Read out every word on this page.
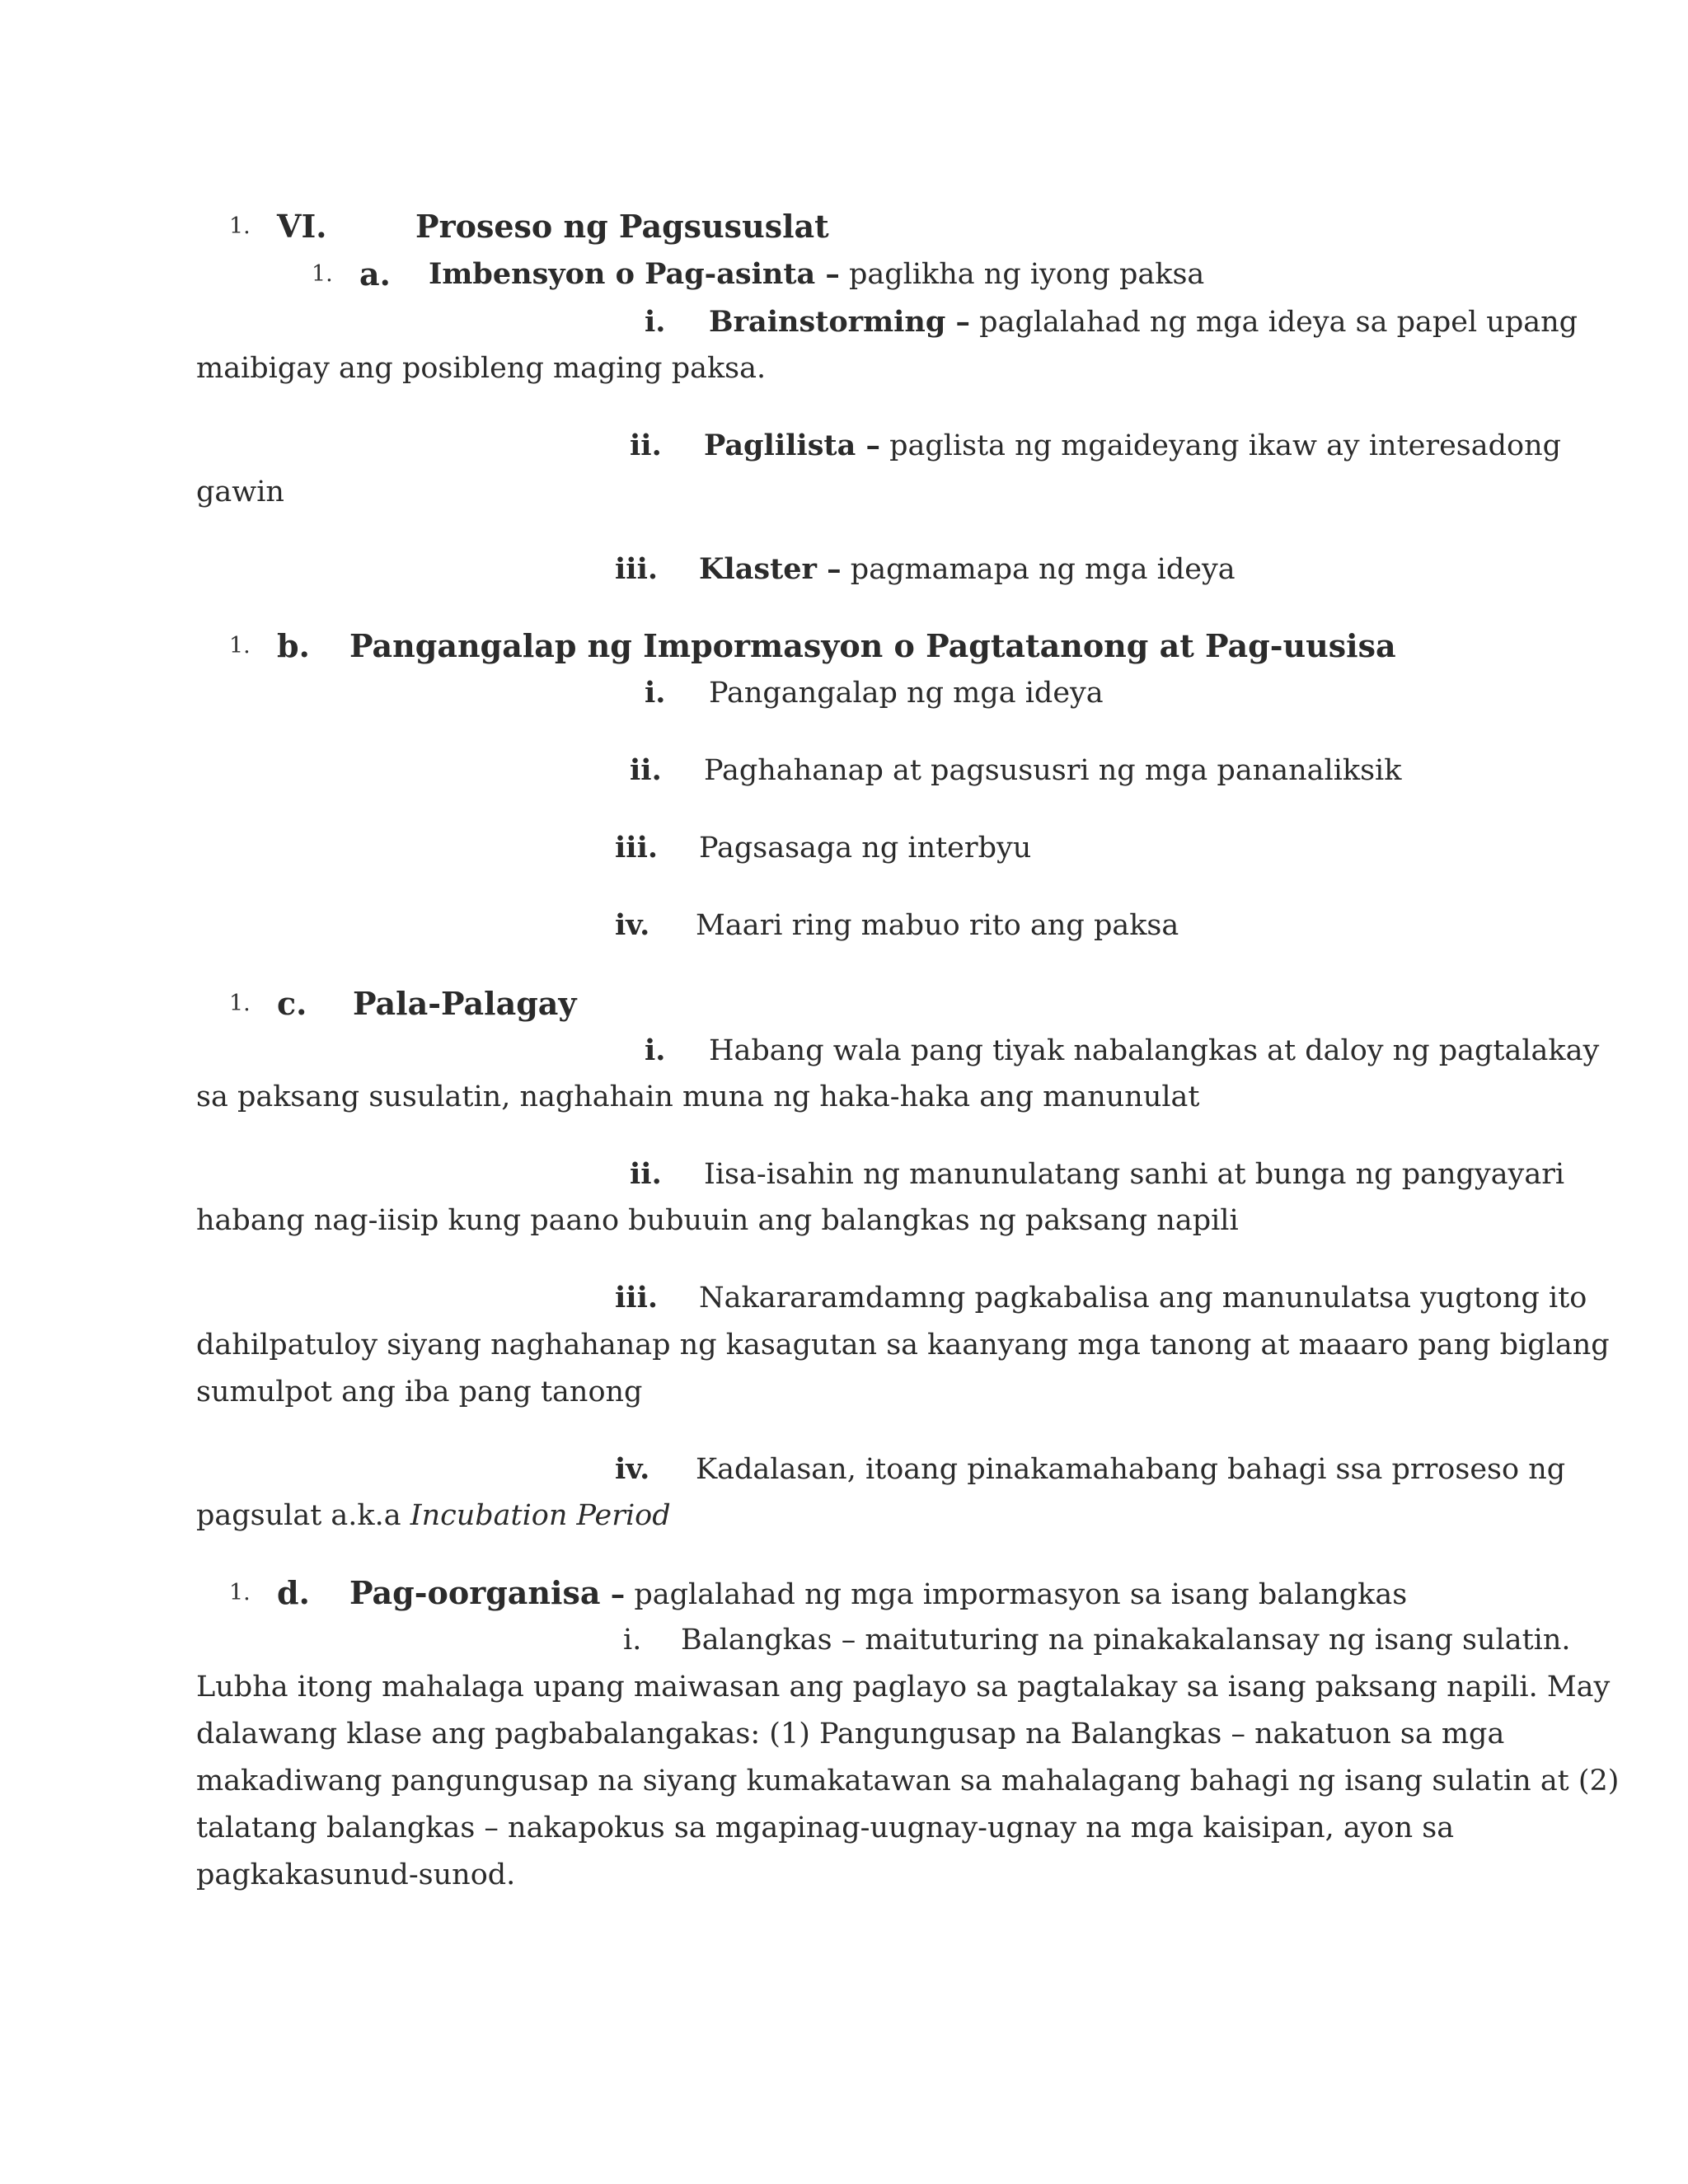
1. VI.	Proseso ng Pagsususlat
1. a. Imbensyon o Pag-asinta – paglikha ng iyong paksa
i. Brainstorming – paglalahad ng mga ideya sa papel upang
maibigay ang posibleng maging paksa.
ii. Paglilista – paglista ng mgaideyang ikaw ay interesadong
gawin
iii. Klaster – pagmamapa ng mga ideya
1. b. Pangangalap ng Impormasyon o Pagtatanong at Pag-uusisa
i. Pangangalap ng mga ideya
ii. Paghahanap at pagsususri ng mga pananaliksik
iii. Pagsasaga ng interbyu
iv. Maari ring mabuo rito ang paksa
1. c. Pala-Palagay
i. Habang wala pang tiyak nabalangkas at daloy ng pagtalakay
sa paksang susulatin, naghahain muna ng haka-haka ang manunulat
ii. Iisa-isahin ng manunulatang sanhi at bunga ng pangyayari
habang nag-iisip kung paano bubuuin ang balangkas ng paksang napili
iii. Nakararamdamng pagkabalisa ang manunulatsa yugtong ito
dahilpatuloy siyang naghahanap ng kasagutan sa kaanyang mga tanong at maaaro pang biglang
sumulpot ang iba pang tanong
iv. Kadalasan, itoang pinakamahabang bahagi ssa prroseso ng
pagsulat a.k.a Incubation Period
1. d. Pag-oorganisa – paglalahad ng mga impormasyon sa isang balangkas
i. Balangkas – maituturing na pinakakalansay ng isang sulatin.
Lubha itong mahalaga upang maiwasan ang paglayo sa pagtalakay sa isang paksang napili. May
dalawang klase ang pagbabalangakas: (1) Pangungusap na Balangkas – nakatuon sa mga
makadiwang pangungusap na siyang kumakatawan sa mahalagang bahagi ng isang sulatin at (2)
talatang balangkas – nakapokus sa mgapinag-uugnay-ugnay na mga kaisipan, ayon sa
pagkakasunud-sunod.
